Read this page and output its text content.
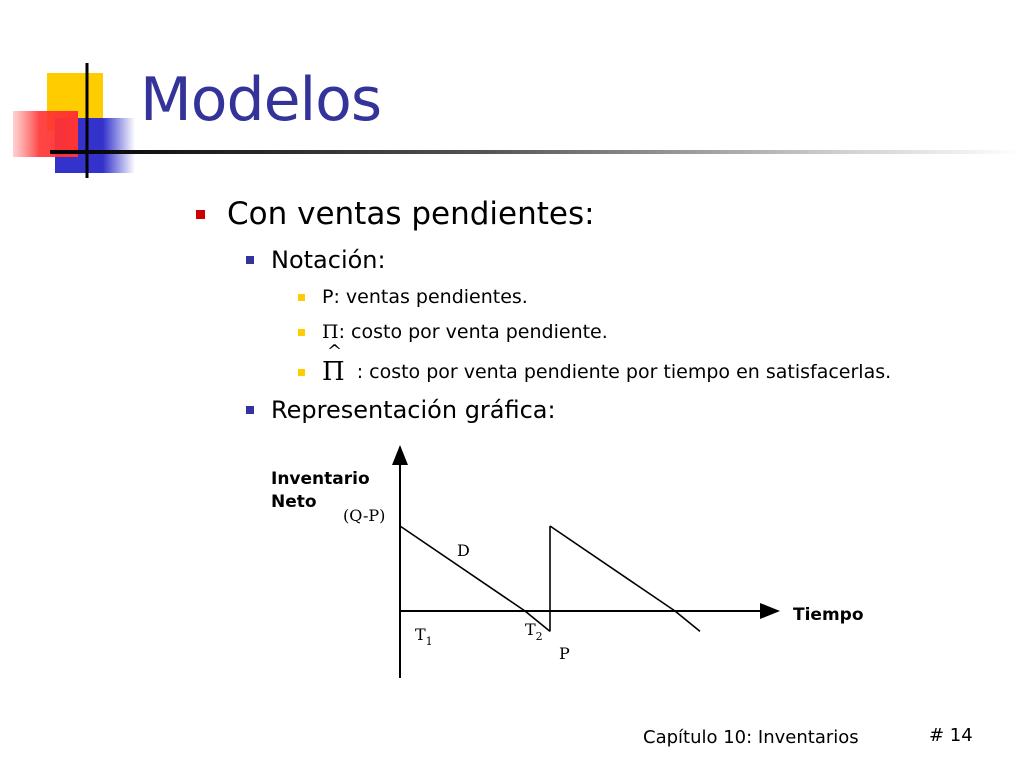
Modelos
Con ventas pendientes:
Notación:
P: ventas pendientes.
Π : costo por venta pendiente.
^
Π : costo por venta pendiente por tiempo en satisfacerlas.
Representación gráfica:
Inventario
Neto
Tiempo
(Q-P)
D
$T_1$
$T_2$
P
Capítulo 10: Inventarios	# 14
